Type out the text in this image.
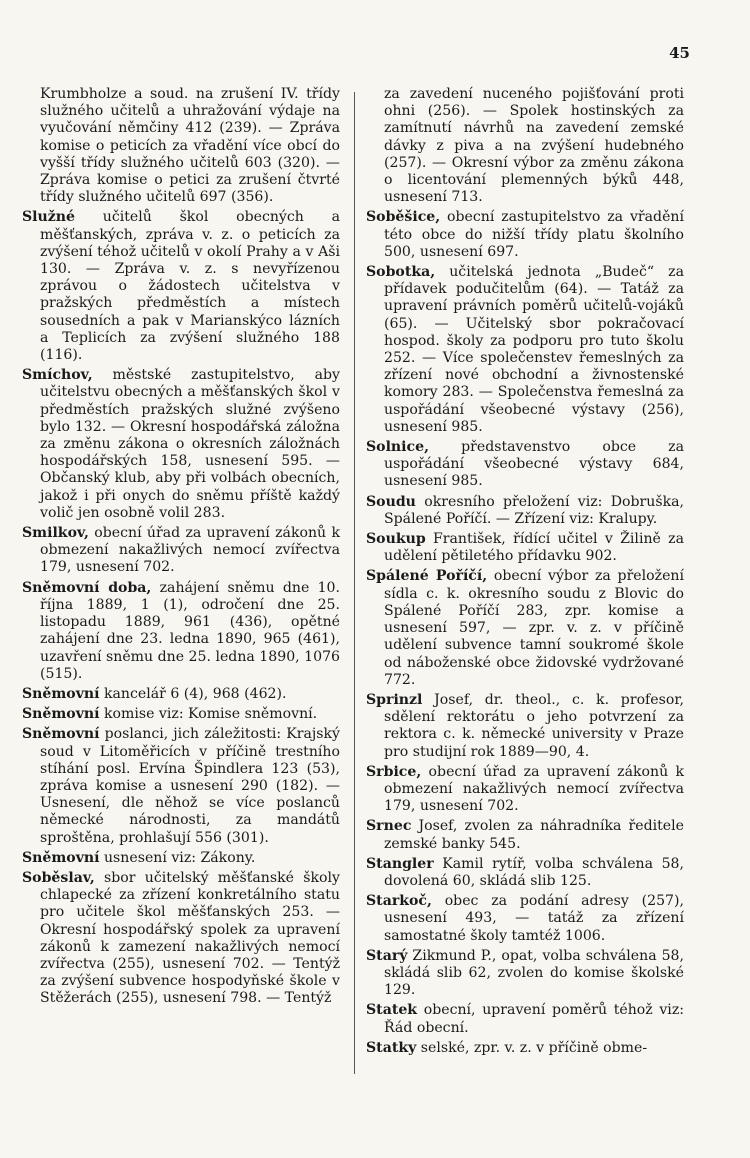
45

Krumbholze a soud. na zrušení IV. třídy služného učitelů a uhražování výdaje na vyučování němčiny 412 (239). — Zpráva komise o peticích za vřadění více obcí do vyšší třídy služného učitelů 603 (320). — Zpráva komise o petici za zrušení čtvrté třídy služného učitelů 697 (356).

Služné učitelů škol obecných a měšťanských, zpráva v. z. o peticích za zvýšení téhož učitelů v okolí Prahy a v Aši 130. — Zpráva v. z. s nevyřízenou zprávou o žádostech učitelstva v pražských předměstích a místech sousedních a pak v Marianskýco lázních a Teplicích za zvýšení služného 188 (116).

Smíchov, městské zastupitelstvo, aby učitelstvu obecných a měšťanských škol v předměstích pražských služné zvýšeno bylo 132. — Okresní hospodářská záložna za změnu zákona o okresních záložnách hospodářských 158, usnesení 595. — Občanský klub, aby při volbách obecních, jakož i při onych do sněmu příště každý volič jen osobně volil 283.

Smilkov, obecní úřad za upravení zákonů k obmezení nakažlivých nemocí zvířectva 179, usnesení 702.

Sněmovní doba, zahájení sněmu dne 10. října 1889, 1 (1), odročení dne 25. listopadu 1889, 961 (436), opětné zahájení dne 23. ledna 1890, 965 (461), uzavření sněmu dne 25. ledna 1890, 1076 (515).

Sněmovní kancelář 6 (4), 968 (462).

Sněmovní komise viz: Komise sněmovní.

Sněmovní poslanci, jich záležitosti: Krajský soud v Litoměřicích v příčině trestního stíhání posl. Ervína Špindlera 123 (53), zpráva komise a usnesení 290 (182). — Usnesení, dle něhož se více poslanců německé národnosti, za mandátů sproštěna, prohlašují 556 (301).

Sněmovní usnesení viz: Zákony.

Soběslav, sbor učitelský měšťanské školy chlapecké za zřízení konkretálního statu pro učitele škol měšťanských 253. — Okresní hospodářský spolek za upravení zákonů k zamezení nakažlivých nemocí zvířectva (255), usnesení 702. — Tentýž za zvýšení subvence hospodyňské škole v Stěžerách (255), usnesení 798. — Tentýž

za zavedení nuceného pojišťování proti ohni (256). — Spolek hostinských za zamítnutí návrhů na zavedení zemské dávky z piva a na zvýšení hudebného (257). — Okresní výbor za změnu zákona o licentování plemenných býků 448, usnesení 713.

Soběšice, obecní zastupitelstvo za vřadění této obce do nižší třídy platu školního 500, usnesení 697.

Sobotka, učitelská jednota „Budeč“ za přídavek podučitelům (64). — Tatáž za upravení právních poměrů učitelů-vojáků (65). — Učitelský sbor pokračovací hospod. školy za podporu pro tuto školu 252. — Více společenstev řemeslných za zřízení nové obchodní a živnostenské komory 283. — Společenstva řemeslná za uspořádání všeobecné výstavy (256), usnesení 985.

Solnice, představenstvo obce za uspořádání všeobecné výstavy 684, usnesení 985.

Soudu okresního přeložení viz: Dobruška, Spálené Poříčí. — Zřízení viz: Kralupy.

Soukup František, řídící učitel v Žilině za udělení pětiletého přídavku 902.

Spálené Poříčí, obecní výbor za přeložení sídla c. k. okresního soudu z Blovic do Spálené Poříčí 283, zpr. komise a usnesení 597, — zpr. v. z. v příčině udělení subvence tamní soukromé škole od náboženské obce židovské vydržované 772.

Sprinzl Josef, dr. theol., c. k. profesor, sdělení rektorátu o jeho potvrzení za rektora c. k. německé university v Praze pro studijní rok 1889—90, 4.

Srbice, obecní úřad za upravení zákonů k obmezení nakažlivých nemocí zvířectva 179, usnesení 702.

Srnec Josef, zvolen za náhradníka ředitele zemské banky 545.

Stangler Kamil rytíř, volba schválena 58, dovolená 60, skládá slib 125.

Starkoč, obec za podání adresy (257), usnesení 493, — tatáž za zřízení samostatné školy tamtéž 1006.

Starý Zikmund P., opat, volba schválena 58, skládá slib 62, zvolen do komise školské 129.

Statek obecní, upravení poměrů téhož viz: Řád obecní.

Statky selské, zpr. v. z. v příčině obme-
